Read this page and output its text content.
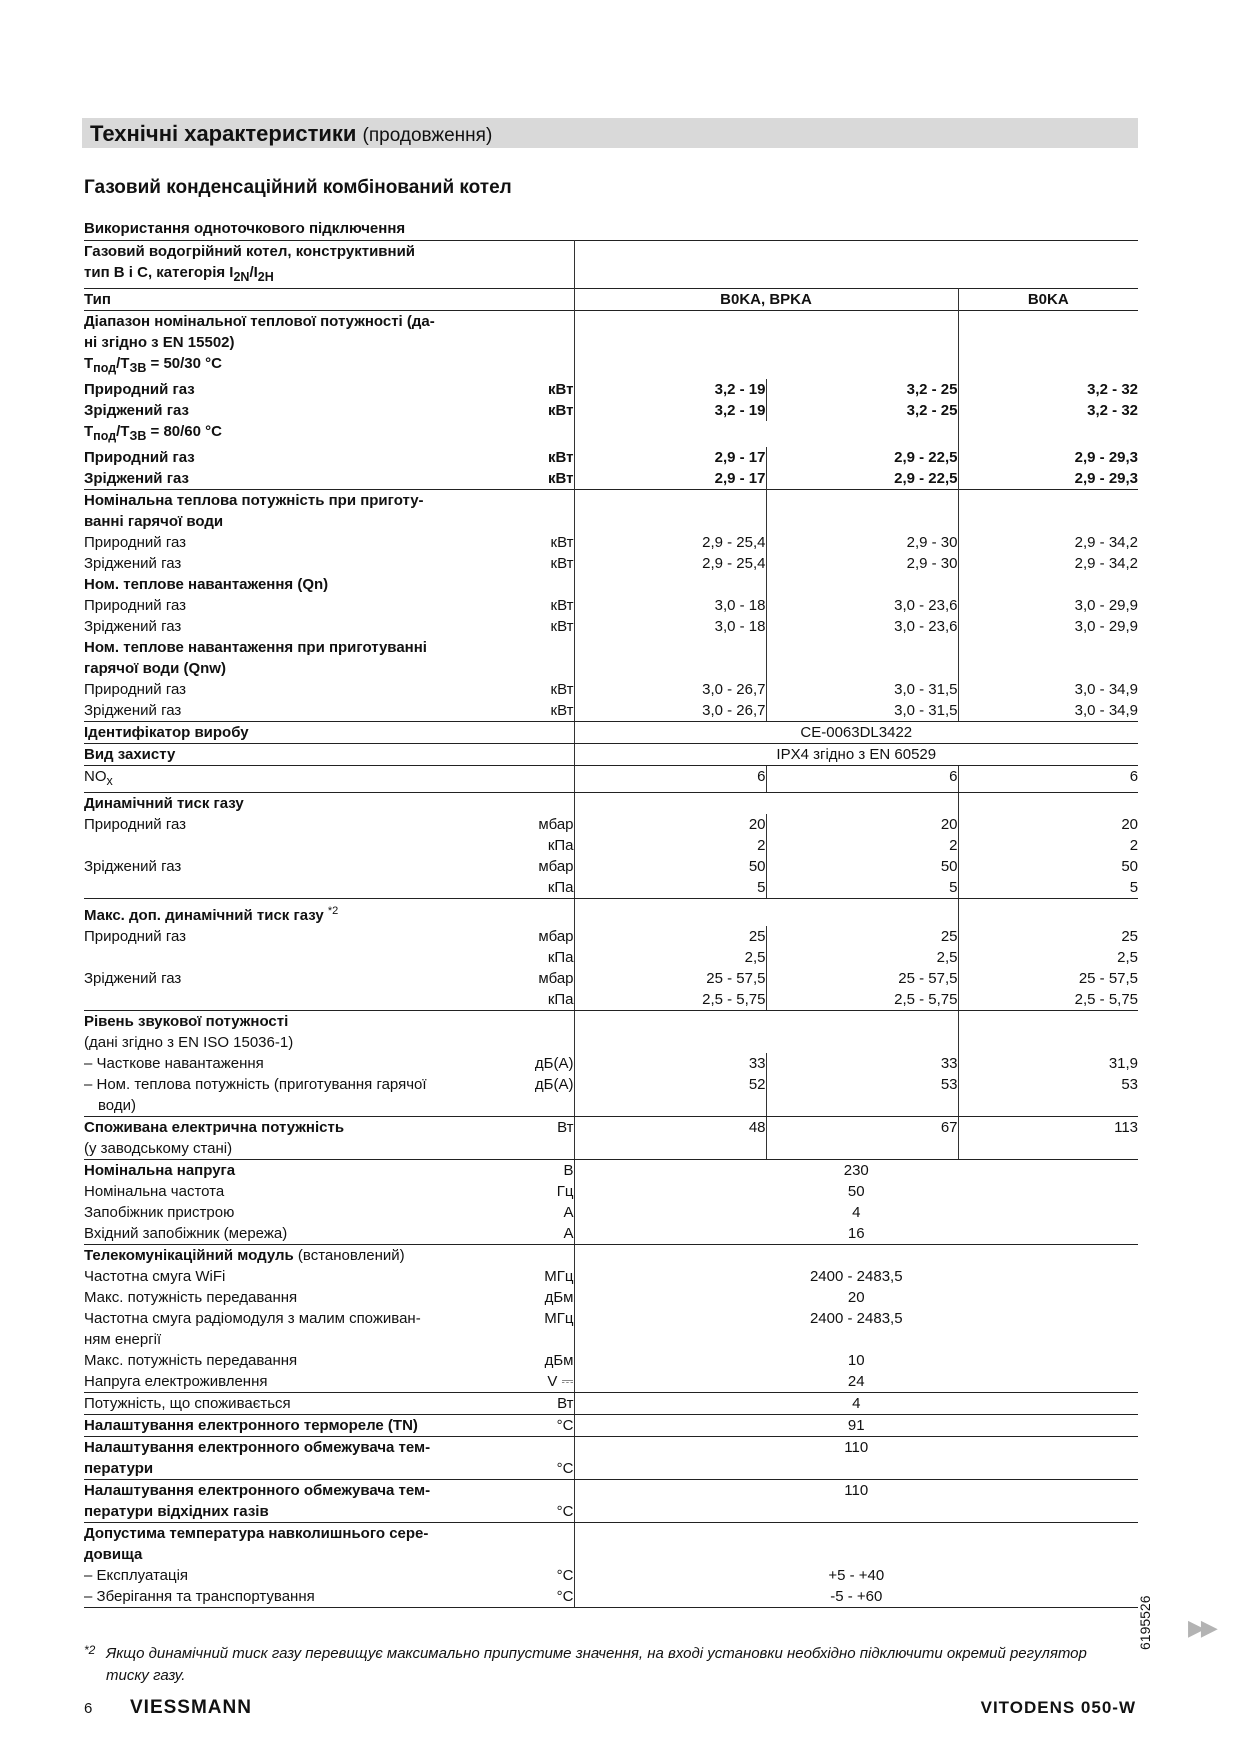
Технічні характеристики (продовження)
Газовий конденсаційний комбінований котел
Використання одноточкового підключення
Газовий водогрійний котел, конструктивний
тип B і C, категорія $I_{2N}/I_{2H}$		
Тип		B0KA, BPKA		B0KA
Діапазон номінальної теплової потужності (да-
ні згідно з EN 15502)
$T_{под}/T_{ЗВ} = 50/30$ °C				
Природний газ	кВт	3,2 - 19	3,2 - 25	3,2 - 32
Зріджений газ	кВт	3,2 - 19	3,2 - 25	3,2 - 32
$T_{под}/T_{ЗВ} = 80/60$ °C				
Природний газ	кВт	2,9 - 17	2,9 - 22,5	2,9 - 29,3
Зріджений газ	кВт	2,9 - 17	2,9 - 22,5	2,9 - 29,3
Номінальна теплова потужність при приготу-
ванні гарячої води				
Природний газ	кВт	2,9 - 25,4	2,9 - 30	2,9 - 34,2
Зріджений газ	кВт	2,9 - 25,4	2,9 - 30	2,9 - 34,2
Ном. теплове навантаження (Qn)				
Природний газ	кВт	3,0 - 18	3,0 - 23,6	3,0 - 29,9
Зріджений газ	кВт	3,0 - 18	3,0 - 23,6	3,0 - 29,9
Ном. теплове навантаження при приготуванні
гарячої води (Qnw)				
Природний газ	кВт	3,0 - 26,7	3,0 - 31,5	3,0 - 34,9
Зріджений газ	кВт	3,0 - 26,7	3,0 - 31,5	3,0 - 34,9
Ідентифікатор виробу		CE-0063DL3422		
Вид захисту		IPX4 згідно з EN 60529		
$NO_x$		6	6	6
Динамічний тиск газу				
Природний газ	мбар	20	20	20
	кПа	2	2	2
Зріджений газ	мбар	50	50	50
	кПа	5	5	5
Макс. доп. динамічний тиск газу $^{*2}$				
Природний газ	мбар	25	25	25
	кПа	2,5	2,5	2,5
Зріджений газ	мбар	25 - 57,5	25 - 57,5	25 - 57,5
	кПа	2,5 - 5,75	2,5 - 5,75	2,5 - 5,75
Рівень звукової потужності
(дані згідно з EN ISO 15036-1)				
– Часткове навантаження	дБ(А)	33	33	31,9
– Ном. теплова потужність (приготування гарячої
води)	дБ(А)	52	53	53
Споживана електрична потужність
(у заводському стані)	Вт	48	67	113
Номінальна напруга	В	230		
Номінальна частота	Гц	50		
Запобіжник пристрою	А	4		
Вхідний запобіжник (мережа)	А	16		
Телекомунікаційний модуль (встановлений)				
Частотна смуга WiFi	МГц	2400 - 2483,5		
Макс. потужність передавання	дБм	20		
Частотна смуга радіомодуля з малим споживан-
ням енергії	МГц	2400 - 2483,5		
Макс. потужність передавання	дБм	10		
Напруга електроживлення	V ⎓	24		
Потужність, що споживається	Вт	4		
Налаштування електронного термореле (TN)	°C	91		
Налаштування електронного обмежувача тем-
ператури	°C	110		
Налаштування електронного обмежувача тем-
ператури відхідних газів	°C	110		
Допустима температура навколишнього сере-
довища				
– Експлуатація	°C	+5 - +40		
– Зберігання та транспортування	°C	-5 - +60		
*2 Якщо динамічний тиск газу перевищує максимально припустиме значення, на вході установки необхідно підключити окремий регулятор тиску газу.
6195526 ▶▶
6 VIESSMANN	VITODENS 050-W
